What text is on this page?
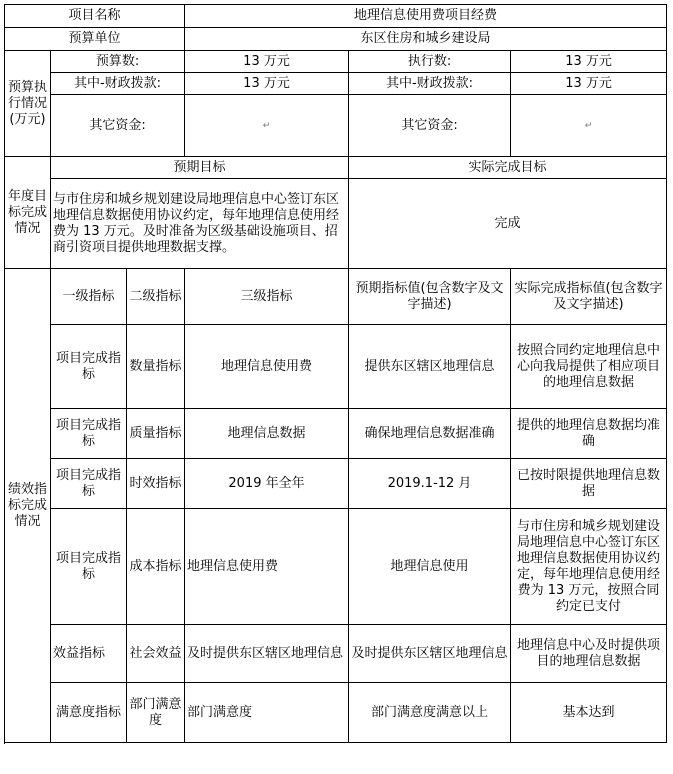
项目名称			地理信息使用费项目经费		
预算单位			东区住房和城乡建设局		
预算执行情况(万元)	预算数:		13 万元	执行数:	13 万元
	其中-财政拨款:		13 万元	其中-财政拨款:	13 万元
	其它资金:		↵	其它资金:	↵

年度目标完成情况	预期目标			实际完成目标	
	与市住房和城乡规划建设局地理信息中心签订东区地理信息数据使用协议约定，每年地理信息使用经费为 13 万元。及时准备为区级基础设施项目、招商引资项目提供地理数据支撑。			完成	
绩效指标完成情况	一级指标	二级指标	三级指标	预期指标值(包含数字及文字描述)	实际完成指标值(包含数字及文字描述)
	项目完成指标	数量指标	地理信息使用费	提供东区辖区地理信息	按照合同约定地理信息中心向我局提供了相应项目的地理信息数据
	项目完成指标	质量指标	地理信息数据	确保地理信息数据准确	提供的地理信息数据均准确
	项目完成指标	时效指标	2019 年全年	2019.1-12 月	已按时限提供地理信息数据
	项目完成指标	成本指标	地理信息使用费	地理信息使用	与市住房和城乡规划建设局地理信息中心签订东区地理信息数据使用协议约定，每年地理信息使用经费为 13 万元，按照合同约定已支付
	效益指标	社会效益	及时提供东区辖区地理信息	及时提供东区辖区地理信息	地理信息中心及时提供项目的地理信息数据
	满意度指标	部门满意度	部门满意度	部门满意度满意以上	基本达到
